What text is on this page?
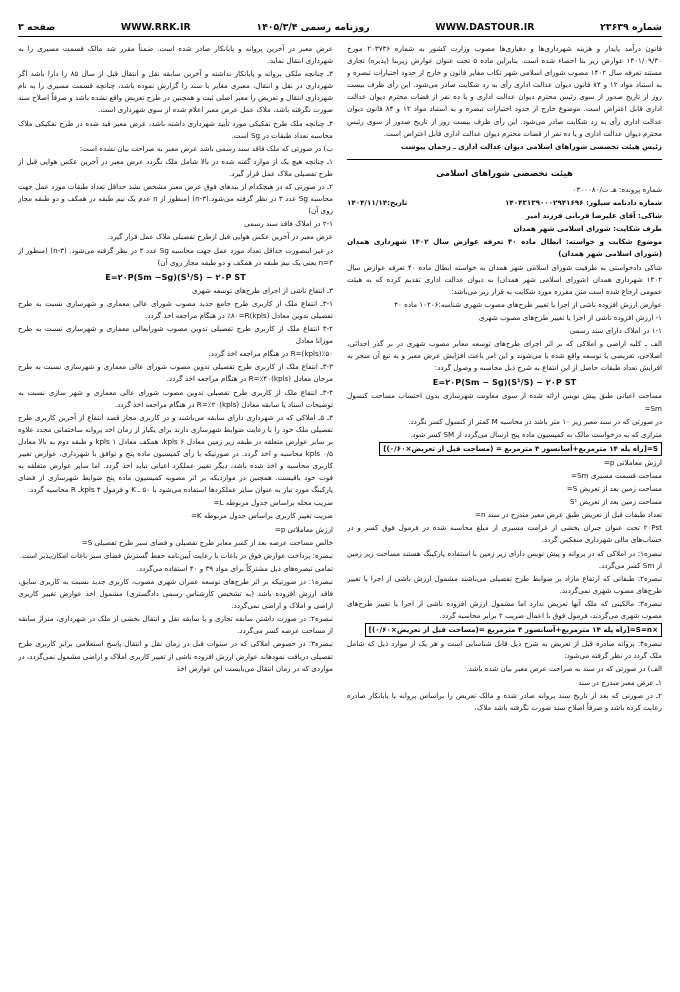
شماره ۲۳۶۳۹
WWW.DASTOUR.IR
روزنامه رسمی ۱۴۰۵/۳/۴
WWW.RRK.IR
صفحه ۳

قانون درآمد پایدار و هزینه شهرداری‌ها و دهیاری‌ها مصوب وزارت کشور به شماره ۲۰۳۷۳۶ مورخ ۱۴۰۱/۰۹/۳۰ عوارض زیر بنا احصاء شده است. بنابراین ماده ۵ تحت عنوان عوارض زیربنا (پذیره) تجاری مستند تعرفه سال ۱۴۰۲ مصوب شورای اسلامی شهر تکاب مغایر قانون و خارج از حدود اختیارات تبصره و به استناد مواد ۱۲ و ۸۴ قانون دیوان عدالت اداری رأی به رد شکایت صادر می‌شود. این رأی ظرف بیست روز از تاریخ صدور از سوی رئیس محترم دیوان عدالت اداری و یا ده نفر از قضات محترم دیوان عدالت اداری قابل اعتراض است. موضوع خارج از حدود اختیارات تبصره و به استناد مواد ۱۲ و ۸۴ قانون دیوان عدالت اداری رأی به رد شکایت صادر می‌شود. این رأی ظرف بیست روز از تاریخ صدور از سوی رئیس محترم دیوان عدالت اداری و یا ده نفر از قضات محترم دیوان عدالت اداری قابل اعتراض است.

رئیس هیئت تخصصی شوراهای اسلامی دیوان عدالت اداری ـ رحمان پیوست

هیئت تخصصی شوراهای اسلامی

شماره پرونده: هـ ت/۰۳۰۰۰۸۰

شماره دادنامه سیلور: ۱۴۰۴۳۱۳۹۰۰۰۲۹۴۱۶۹۶
تاریخ:۱۴۰۴/۱۱/۱۴

شاکی: آقای علیرضا قربانی فرزند امیر

طرف شکایت: شورای اسلامی شهر همدان

موضوع شکایت و خواسته: ابطال ماده ۴۰ تعرفه عوارض سال ۱۴۰۲ شهرداری همدان (شورای اسلامی شهر همدان)

شاکی دادخواستی به طرفیت شورای اسلامی شهر همدان به خواسته ابطال ماده ۴۰ تعرفه عوارض سال ۱۴۰۲ شهرداری همدان (شورای اسلامی شهر همدان) به دیوان عدالت اداری تقدیم کرده که به هیئت عمومی ارجاع شده است متن مقرره مورد شکایت به قرار زیر می‌باشد:

عوارض ارزش افزوده ناشی از اجرا یا تغییر طرح‌های مصوب شهری شناسه:۱۰۲۰۶ ماده ۴۰

۱- ارزش افزوده ناشی از اجرا یا تغییر طرح‌های مصوب شهری

۱-۱ در املاک دارای سند رسمی

الف ـ کلیه اراضی و املاکی که بر اثر اجرای طرح‌های توسعه معابر مصوب شهری در بر گذر احداثی، اصلاحی، تعریضی یا توسعه واقع شده یا می‌شوند و این امر باعث افزایش عرض معبر و به تبع آن منجر به افزایش تعداد طبقات حاصل از این انتفاع به شرح ذیل محاسبه و وصول گردد:

E=۲۰P(Sm − Sg)(S¹/S) − ۲۰P ST

مساحت اعیانی طبق پیش نویس ارائه شده از سوی معاونت شهرسازی بدون احتساب مساحت کنسول Sm=

در صورتی که در سند معبر زیر ۱۰ متر باشد در محاسبه M کمتر از کنسول کسر نگردد.

مترازی که به درخواست مالک به کمیسیون ماده پنج ارسال می‌گردد از SM کسر شود.

[راه پله ۱۴ مترمربع+آسانسور ۴ مترمربع = (مساحت قبل از تعریض×۰/۶۰)]=S

ارزش معاملاتی p=

مساحت قسمت مسیری Sm=

مساحت زمین بعد از تعریض S=

مساحت زمین بعد از تعریض S¹

تعداد طبقات قبل از تعریض طبق عرض معبر مندرج در سند n=

۲۰Pst تحت عنوان جبران بخشی از غرامت مسیری از مبلغ محاسبه شده در فرمول فوق کسر و در حساب‌های مالی شهرداری منعکس گردد.

تبصره۱: در املاکی که در پروانه و پیش نویس دارای زیر زمین با استفاده پارکینگ هستند مساحت زیر زمین از Sm کسر می‌گردد.

تبصره۲: طبقاتی که ارتفاع مازاد بر ضوابط طرح تفصیلی می‌باشند مشمول ارزش ناشی از اجرا یا تغییر طرح‌های مصوب شهری نمی‌گردند.

تبصره۳: مالکینی که ملک آنها تعریض ندارد اما مشمول ارزش افزوده ناشی از اجرا یا تغییر طرح‌های مصوب شهری می‌گردند، فرمول فوق با اعمال ضریب ۲ برابر محاسبه گردد.

[راه پله ۱۴ مترمربع+آسانسور ۴ مترمربع =(مساحت قبل از تعریض×۰/۶۰)]=S=n×

تبصره۴: پروانه صادره قبل از تعریض به شرح ذیل قابل شناسایی است و هر یک از موارد ذیل که شامل ملک گردد در نظر گرفته می‌شود:

الف) در صورتی که در سند به صراحت عرض معبر بیان شده باشد.

۱ـ عرض معبر مندرج در سند

۲ـ در صورتی که بعد از تاریخ سند پروانه صادر شده و مالک تعریض را براساس پروانه یا پایانکار صادره رعایت کرده باشد و صرفاً اصلاح سند صورت نگرفته باشد ملاک،

عرض معبر در آخرین پروانه و پایانکار صادر شده است. ضمناً مقرر شد مالک قسمت مسیری را به شهرداری انتقال نماید.

۳ـ چنانچه ملکی پروانه و پایانکار نداشته و آخرین سابقه نقل و انتقال قبل از سال ۸۵ را دارا باشد اگر شهرداری در نقل و انتقال، معبری مغایر با سند را گزارش نموده باشد، چنانچه قسمت مسیری را به نام شهرداری انتقال و تعریض را معبر اصلی ثبت و همچنین در طرح تعریض واقع نشده باشد و صرفاً اصلاح سند صورت نگرفته باشد، ملاک عمل عرض معبر اعلام شده از سوی شهرداری است.

۴ـ چنانچه ملک طرح تفکیکی مورد تأیید شهرداری داشته باشد، عرض معبر قید شده در طرح تفکیکی ملاک محاسبه تعداد طبقات در Sg است.

ب) در صورتی که ملک فاقد سند رسمی باشد عرض معبر به صراحت بیان نشده است:

۱ـ چنانچه هیچ یک از موارد گفته شده در بالا شامل ملک نگردد عرض معبر در آخرین عکس هوایی قبل از طرح تفصیلی ملاک عمل قرار گیرد.

۲ـ در صورتی که در هیچکدام از بندهای فوق عرض معبر مشخص نشد حداقل تعداد طبقات مورد عمل جهت محاسبه Sg عدد ۳ در نظر گرفته می‌شود.(n-۳) (منظور از n عدم یک نیم طبقه در همکف و دو طبقه مجاز روی آن)

۲-۱ در املاک فاقد سند رسمی

عرض معبر در آخرین عکس هوایی قبل ازطرح تفصیلی ملاک عمل قرار گیرد.

در غیر اینصورت حداقل تعداد مورد عمل جهت محاسبه Sg عدد ۳ در نظر گرفته می‌شود. (n-۳) (منظور از n=۳ یعنی یک نیم طبقه در همکف و دو طبقه مجاز روی آن)

E=۲۰P(Sm −Sg)(S¹/S) − ۲۰P ST

۳ـ انتفاع ناشی از اجرای طرح‌های توسعه شهری

۳-۱ـ انتفاع ملک از کاربری طرح جامع جدید مصوب شورای عالی معماری و شهرسازی نسبت به طرح تفصیلی تدوین معادل (kpls)٪۸۰=R در هنگام مراجعه اخذ گردد.

۳-۲ انتفاع ملک از کاربری طرح تفصیلی تدوین مصوب شورایعالی معماری و شهرسازی نسبت به طرح موزانا معادل

R=(kpls)٪۵۰ در هنگام مراجعه اخذ گردد.

۳-۳ـ انتفاع ملک از کاربری طرح تفصیلی تدوین مصوب شورای عالی معماری و شهرسازی نسبت به طرح مرجان معادل R=٪۴۰(kpls) در هنگام مراجعه اخذ گردد.

۳-۴ـ انتفاع ملک از کاربری طرح تفصیلی تدوین مصوب شورای عالی معماری و شهر سازی نسبت به توضیحات اسناد یا سابقه معادل R=٪۲۰(kpls) در هنگام مراجعه اخذ گردد.

۳ـ ۵ـ املاکی که در شهرداری دارای سابقه می‌باشند و در کاربری مجاز قصد انتفاع از آخرین کاربری طرح تفصیلی ملک خود را با رعایت ضوابط شهرسازی دارند برای یکبار از زمان اخذ پروانه ساختمانی مجدد علاوه بر سایر عوارض متعلقه در طبقه زیر زمین معادل kpls ۶، همکف معادل kpls ۱ و طبقه دوم به بالا معادل kpls ۰/۵ محاسبه و اخذ گردد. در صورتیکه با رأی کمیسیون ماده پنج و توافق با شهرداری، عوارض تغییر کاربری محاسبه و اخذ شده باشد، دیگر تغییر عملکرد اعیانی نباید اخذ گردد. اما سایر عوارض متعلقه به قوت خود باقیست. همچنین در مواردیکه بر اثر مصوبه کمیسیون ماده پنج ضوابط شهرسازی از فضای پارکینگ مورد نیاز به عنوان سایر عملکردها استفاده می‌شود با ۵۰ ـ K و فرمول kpls ۴ـ R محاسبه گردد.

ضریب محله براساس جدول مربوطه L=

ضریب تغییر کاربری براساس جدول مربوطه K=

ارزش معاملاتی p=

خالص مساحت عرصه بعد از کسر معابر طرح تفصیلی و فضای سبز طرح تفصیلی S=

تبصره: پرداخت عوارض فوق در باغات با رعایت آیین‌نامه حفظ گسترش فضای سبز باغات امکان‌پذیر است.

تمامی تبصره‌های ذیل مشترکاً برای مواد ۳۹ و ۴۰ استفاده می‌گردد.

تبصره۱: در صورتیکه بر اثر طرح‌های توسعه عمران شهری مصوب، کاربری جدید نسبت به کاربری سابق، فاقد ارزش افزوده باشد (به تشخیص کارشناس رسمی دادگستری) مشمول اخذ عوارض تغییر کاربری اراضی و املاک و اراضی نمی‌گردد.

تبصره۲: در صورت داشتن سابقه تجاری و یا سابقه نقل و انتقال بخشی از ملک در شهرداری، متراژ سابقه از مساحت عرصه کسر می‌گردد.

تبصره۳: در خصوص املاکی که در سنوات قبل در زمان نقل و انتقال پاسخ استعلامی برابر کاربری طرح تفصیلی دریافت نمودهاند عوارض ارزش افزوده ناشی از تغییر کاربری املاک و اراضی مشمول نمی‌گردد، در مواردی که در زمان انتقال می‌بایست این عوارض اخذ
